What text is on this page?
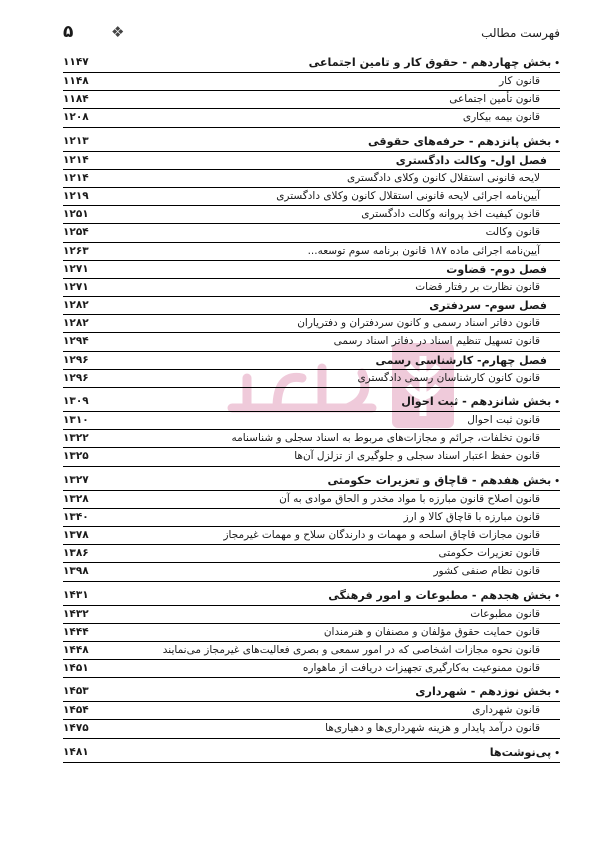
۵	❖	فهرست مطالب
•بخش چهاردهم - حقوق کار و تامین اجتماعی
۱۱۴۷
قانون کار
۱۱۴۸
قانون تأمین اجتماعی
۱۱۸۴
قانون بیمه بیکاری
۱۲۰۸
•بخش پانزدهم - حرفه‌های حقوقی
۱۲۱۳
فصل اول- وکالت دادگستری
۱۲۱۴
لایحه قانونی استقلال کانون وکلای دادگستری
۱۲۱۴
آیین‌نامه اجرائی لایحه قانونی استقلال کانون وکلای دادگستری
۱۲۱۹
قانون کیفیت اخذ پروانه وکالت دادگستری
۱۲۵۱
قانون وکالت
۱۲۵۴
آیین‌نامه اجرائی ماده ۱۸۷ قانون برنامه سوم توسعه...
۱۲۶۳
فصل دوم- قضاوت
۱۲۷۱
قانون نظارت بر رفتار قضات
۱۲۷۱
فصل سوم- سردفتری
۱۲۸۲
قانون دفاتر اسناد رسمی و کانون سردفتران و دفتریاران
۱۲۸۲
قانون تسهیل تنظیم اسناد در دفاتر اسناد رسمی
۱۲۹۴
فصل چهارم- کارشناسی رسمی
۱۲۹۶
قانون کانون کارشناسان رسمی دادگستری
۱۲۹۶
•بخش شانزدهم - ثبت احوال
۱۳۰۹
قانون ثبت احوال
۱۳۱۰
قانون تخلفات، جرائم و مجازات‌های مربوط به اسناد سجلی و شناسنامه
۱۳۲۲
قانون حفظ اعتبار اسناد سجلی و جلوگیری از تزلزل آن‌ها
۱۳۲۵
•بخش هفدهم - قاچاق و تعزیرات حکومتی
۱۳۲۷
قانون اصلاح قانون مبارزه با مواد مخدر و الحاق موادی به آن
۱۳۲۸
قانون مبارزه با قاچاق کالا و ارز
۱۳۴۰
قانون مجازات قاچاق اسلحه و مهمات و دارندگان سلاح و مهمات غیرمجاز
۱۳۷۸
قانون تعزیرات حکومتی
۱۳۸۶
قانون نظام صنفی کشور
۱۳۹۸
•بخش هجدهم - مطبوعات و امور فرهنگی
۱۴۳۱
قانون مطبوعات
۱۴۳۲
قانون حمایت حقوق مؤلفان و مصنفان و هنرمندان
۱۴۴۴
قانون نحوه مجازات اشخاصی که در امور سمعی و بصری فعالیت‌های غیرمجاز می‌نمایند
۱۴۴۸
قانون ممنوعیت به‌کارگیری تجهیزات دریافت از ماهواره
۱۴۵۱
•بخش نوزدهم - شهرداری
۱۴۵۳
قانون شهرداری
۱۴۵۴
قانون درآمد پایدار و هزینه شهرداری‌ها و دهیاری‌ها
۱۴۷۵
•پی‌نوشت‌ها
۱۴۸۱
